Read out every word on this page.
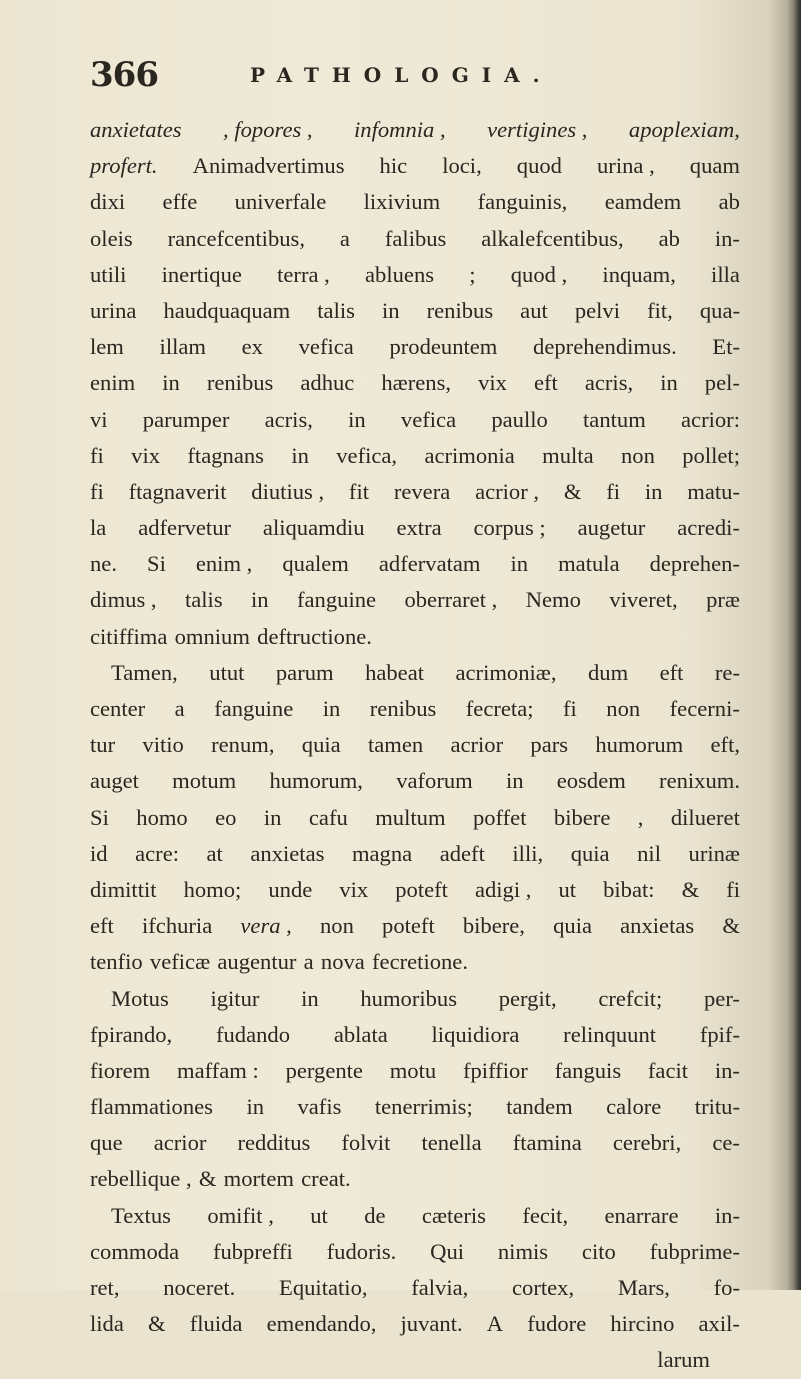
366	PATHOLOGIA.
anxietates , fopores , infomnia , vertigines , apoplexiam,
profert. Animadvertimus hic loci, quod urina , quam
dixi effe univerfale lixivium fanguinis, eamdem ab
oleis rancefcentibus, a falibus alkalefcentibus, ab in-
utili inertique terra , abluens ; quod , inquam, illa
urina haudquaquam talis in renibus aut pelvi fit, qua-
lem illam ex vefica prodeuntem deprehendimus. Et-
enim in renibus adhuc hærens, vix eft acris, in pel-
vi parumper acris, in vefica paullo tantum acrior:
fi vix ftagnans in vefica, acrimonia multa non pollet;
fi ftagnaverit diutius , fit revera acrior , & fi in matu-
la adfervetur aliquamdiu extra corpus ; augetur acredi-
ne. Si enim , qualem adfervatam in matula deprehen-
dimus , talis in fanguine oberraret , Nemo viveret, præ
citiffima omnium deftructione.
Tamen, utut parum habeat acrimoniæ, dum eft re-
center a fanguine in renibus fecreta; fi non fecerni-
tur vitio renum, quia tamen acrior pars humorum eft,
auget motum humorum, vaforum in eosdem renixum.
Si homo eo in cafu multum poffet bibere , dilueret
id acre: at anxietas magna adeft illi, quia nil urinæ
dimittit homo; unde vix poteft adigi , ut bibat: & fi
eft ifchuria vera , non poteft bibere, quia anxietas &
tenfio veficæ augentur a nova fecretione.
Motus igitur in humoribus pergit, crefcit; per-
fpirando, fudando ablata liquidiora relinquunt fpif-
fiorem maffam : pergente motu fpiffior fanguis facit in-
flammationes in vafis tenerrimis; tandem calore tritu-
que acrior redditus folvit tenella ftamina cerebri, ce-
rebellique , & mortem creat.
Textus omifit , ut de cæteris fecit, enarrare in-
commoda fubpreffi fudoris. Qui nimis cito fubprime-
ret, noceret. Equitatio, falvia, cortex, Mars, fo-
lida & fluida emendando, juvant. A fudore hircino axil-
larum
